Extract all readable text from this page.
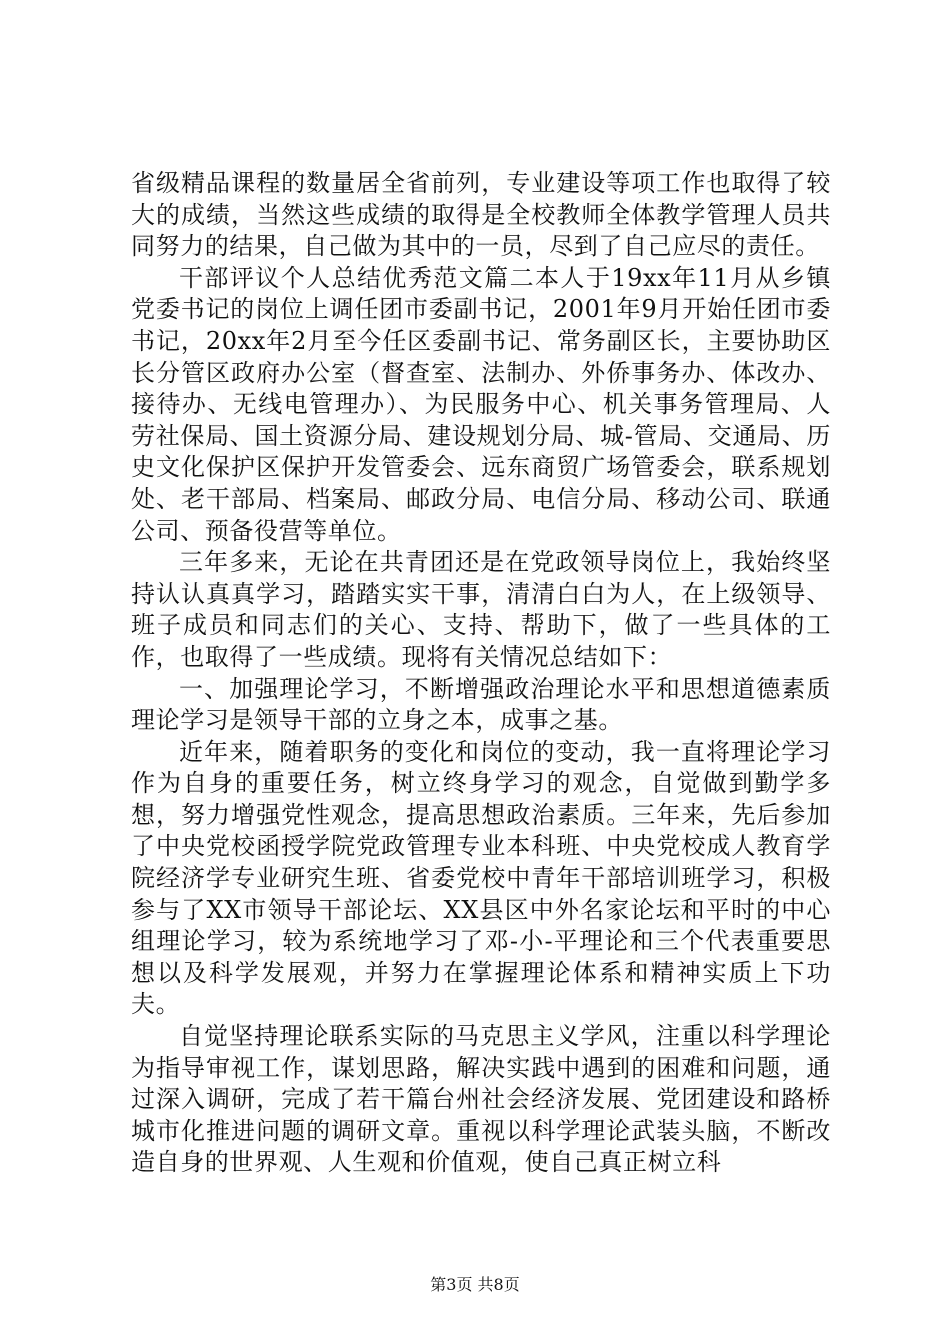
省级精品课程的数量居全省前列，专业建设等项工作也取得了较大的成绩，当然这些成绩的取得是全校教师全体教学管理人员共同努力的结果，自己做为其中的一员，尽到了自己应尽的责任。

干部评议个人总结优秀范文篇二本人于19xx年11月从乡镇党委书记的岗位上调任团市委副书记，2001年9月开始任团市委书记，20xx年2月至今任区委副书记、常务副区长，主要协助区长分管区政府办公室（督查室、法制办、外侨事务办、体改办、接待办、无线电管理办）、为民服务中心、机关事务管理局、人劳社保局、国土资源分局、建设规划分局、城-管局、交通局、历史文化保护区保护开发管委会、远东商贸广场管委会，联系规划处、老干部局、档案局、邮政分局、电信分局、移动公司、联通公司、预备役营等单位。

三年多来，无论在共青团还是在党政领导岗位上，我始终坚持认认真真学习，踏踏实实干事，清清白白为人，在上级领导、班子成员和同志们的关心、支持、帮助下，做了一些具体的工作，也取得了一些成绩。现将有关情况总结如下：

一、加强理论学习，不断增强政治理论水平和思想道德素质理论学习是领导干部的立身之本，成事之基。

近年来，随着职务的变化和岗位的变动，我一直将理论学习作为自身的重要任务，树立终身学习的观念，自觉做到勤学多想，努力增强党性观念，提高思想政治素质。三年来，先后参加了中央党校函授学院党政管理专业本科班、中央党校成人教育学院经济学专业研究生班、省委党校中青年干部培训班学习，积极参与了XX市领导干部论坛、XX县区中外名家论坛和平时的中心组理论学习，较为系统地学习了邓-小-平理论和三个代表重要思想以及科学发展观，并努力在掌握理论体系和精神实质上下功夫。

自觉坚持理论联系实际的马克思主义学风，注重以科学理论为指导审视工作，谋划思路，解决实践中遇到的困难和问题，通过深入调研，完成了若干篇台州社会经济发展、党团建设和路桥城市化推进问题的调研文章。重视以科学理论武装头脑，不断改造自身的世界观、人生观和价值观，使自己真正树立科

第3页 共8页
